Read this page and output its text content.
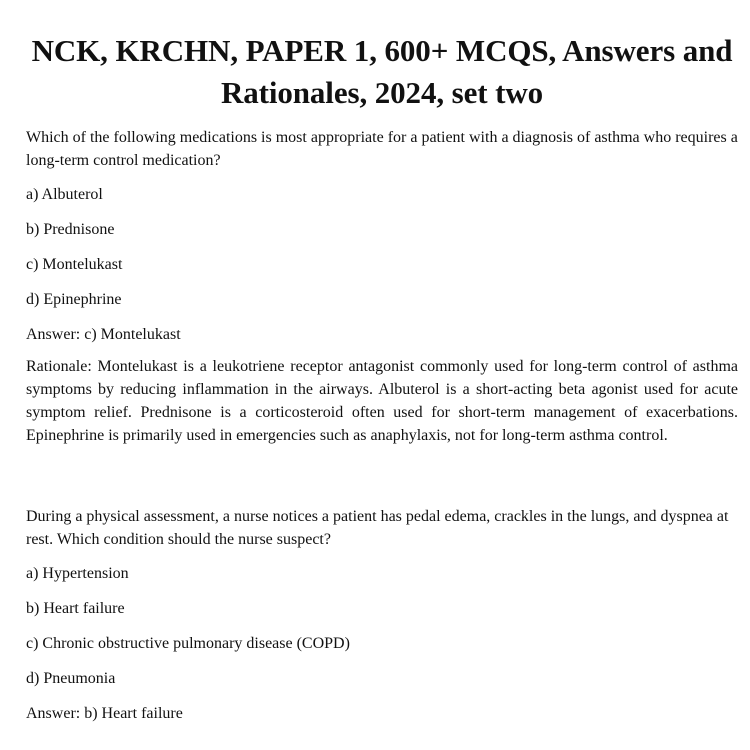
NCK, KRCHN, PAPER 1, 600+ MCQS, Answers and Rationales, 2024, set two

Which of the following medications is most appropriate for a patient with a diagnosis of asthma who requires a long-term control medication?

a) Albuterol

b) Prednisone

c) Montelukast

d) Epinephrine

Answer: c) Montelukast

Rationale: Montelukast is a leukotriene receptor antagonist commonly used for long-term control of asthma symptoms by reducing inflammation in the airways. Albuterol is a short-acting beta agonist used for acute symptom relief. Prednisone is a corticosteroid often used for short-term management of exacerbations. Epinephrine is primarily used in emergencies such as anaphylaxis, not for long-term asthma control.

During a physical assessment, a nurse notices a patient has pedal edema, crackles in the lungs, and dyspnea at rest. Which condition should the nurse suspect?

a) Hypertension

b) Heart failure

c) Chronic obstructive pulmonary disease (COPD)

d) Pneumonia

Answer: b) Heart failure
